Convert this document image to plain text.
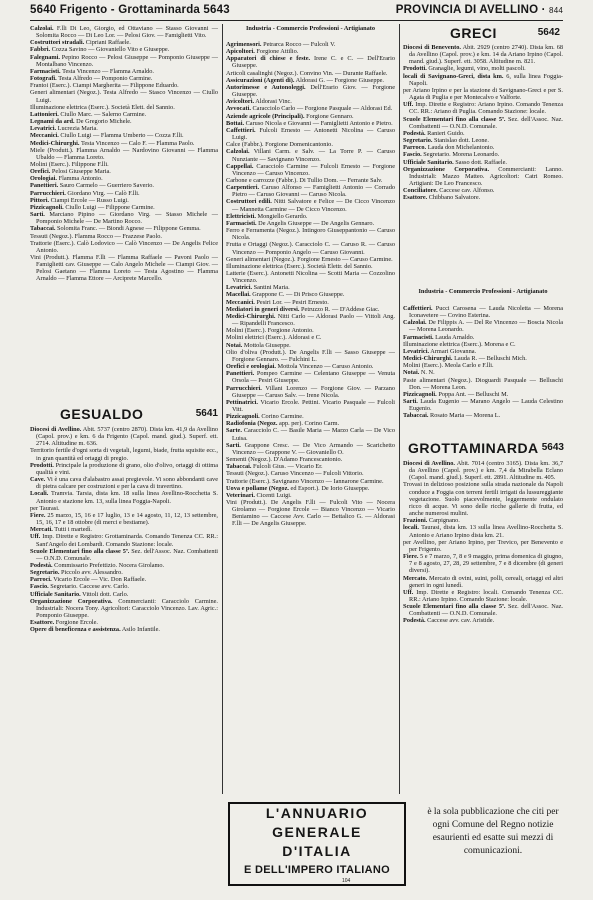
5640 Frigento - Grottaminarda 5643	PROVINCIA DI AVELLINO · 844

Calzolai. F.lli Di Leo, Giorgio, ed Ottaviano — Stasso Giovanni — Solomita Rocco — Di Leo Lor. — Pelosi Giov. — Famiglietti Vito.

Costruttori stradali. Cipriani Raffaele.

Fabbri. Cozza Savino — Giovaniello Vito e Giuseppe.

Falegnami. Pepino Rocco — Pelosi Giuseppe — Pomponio Giuseppe — Montalbano Vincenzo.

Farmacisti. Testa Vincenzo — Flamma Arnaldo.

Fotografi. Testa Alfredo — Pomponio Carmine.

Frantoi (Eserc.). Ciampi Margherita — Filipponе Eduardo.

Generi alimentari (Negoz.). Testa Alfredo — Stasco Vincenzo — Ciullo Luigi.

Illuminazione elettrica (Eserc.). Società Elett. del Sannio.

Lattonieri. Ciullo Marc. — Salerno Carmine.

Legnami da ard. De Gregorio Michele.

Levatrici. Lucrezia Maria.

Meccanici. Ciullo Luigi — Flamma Umberto — Cozza F.lli.

Medici-Chirurghi. Testa Vincenzo — Calo F. — Flamma Paolo.

Miele (Produtt.). Flamma Arnaldo — Nardovino Giovanni — Flamma Ubaldo — Flamma Loreto.

Molini (Eserc.). Filippone F.lli.

Orefici. Pelosi Giuseppe Maria.

Orologiai. Flamma Antonio.

Panettieri. Sauro Carmelo — Guerriero Saverio.

Parrucchieri. Giordano Virg. — Calò F.lli.

Pittori. Ciampi Ercole — Russo Luigi.

Pizzicagnoli. Ciullo Luigi — Filippone Carmine.

Sarti. Marciano Pipino — Giordano Virg. — Stasso Michele — Pomponio Michele — De Martino Rocco.

Tabaccai. Solomita Franc. — Biondi Agnese — Filipponе Gemma.

Tessuti (Negoz.). Flamma Rocco — Frazzese Paolo.

Trattorie (Eserc.). Calò Lodovico — Calò Vincenzo — De Angelis Felice Antonio.

Vini (Produtt.). Flamma F.lli — Flamma Raffaele — Pavoni Paolo — Famiglietti cav. Giuseppe — Calo Angelo Michele — Ciampi Giov. — Pelosi Gaetano — Flamma Loreto — Testa Agostino — Flamma Arnaldo — Flamma Ettore — Arciprete Marcello.

GESUALDO	5641

Diocesi di Avellino. Abit. 5737 (centro 2870). Dista km. 41,9 da Avellino (Capol. prov.) e km. 6 da Frigento (Capol. mand. giud.). Superf. ett. 2714. Altitudine m. 636.

Territorio fertile d'ogni sorta di vegetali, legumi, biade, frutta squisite ecc., in gran quantità ed ortaggi di pregio.

Prodotti. Principale la produzione di grano, olio d'olivo, ortaggi di ottima qualità e vini.

Cave. Vi è una cava d'alabastro assai pregievole. Vi sono abbondanti cave di pietra calcare per costruzioni e per la cava di travertino.

Locali. Tramvia. Tarsia, dista km. 18 sulla linea Avellino-Rocchetta S. Antonio e stazione km. 13, sulla linea Foggia-Napoli.

per Taurasi.

Fiere. 25 marzo, 15, 16 e 17 luglio, 13 e 14 agosto, 11, 12, 13 settembre, 15, 16, 17 e 18 ottobre (di merci e bestiame).

Mercati. Tutti i martedì.

Uff. Imp. Dirette e Registro: Grottaminarda. Comando Tenenza CC. RR.: Sant'Angelo dei Lombardi. Comando Stazione: locale.

Scuole Elementari fino alla classe 5ª. Sez. dell'Assoc. Naz. Combattenti — O.N.D. Comunale.

Podestà. Commissario Prefettizio. Nocera Girolamo.

Segretario. Piccolo avv. Alessandro.

Parroci. Vicario Ercole — Vic. Don Raffaele.

Fascio. Segretario. Caccese avv. Carlo.

Ufficiale Sanitario. Vittoli dott. Carlo.

Organizzazione Corporativa. Commercianti: Caracciolo Carmine. Industriali: Nocera Tony. Agricoltori: Caracciolo Vincenzo. Lav. Agric.: Pomponio Giuseppe.

Esattore. Forgione Ercole.

Opere di beneficenza e assistenza. Asilo Infantile.

Industria - Commercio Professioni - Artigianato

Agrimensori. Petrarca Rocco — Fulcoli V.

Apicoltori. Forgione Attilio.

Apparatori di chiese e feste. Irene C. e C. — Dell'Erario Giuseppe.

Articoli casalinghi (Negoz.). Convino Vin. — Durante Raffaele.

Assicurazioni (Agenti di). Aldorasi G. — Forgione Giuseppe.

Autorimesse e Autonoleggi. Dell'Erario Giov. — Forgione Giuseppe.

Avicoltori. Aldorasi Vinc.

Avvocati. Caracciolo Carlo — Forgione Pasquale — Aldorasi Ed.

Aziende agricole (Principali). Forgione Gennaro.

Bottai. Caruso Nicola e Giovanni — Famiglietti Antonio e Pietro.

Caffettieri. Fulcoli Ernesto — Antonetti Nicolina — Caruso Luigi.

Calce (Fabbr.). Forgione Domenicantonio.

Calzolai. Villani Carm. e Salv. — La Torre P. — Caruso Nunziante — Savignano Vincenzo.

Cappellai. Caracciolo Carmine — Fulcoli Ernesto — Forgione Vincenzo — Caruso Vincenzo.

Carbone e carrozze (Fabbr.). Di Tullio Dom. — Ferrante Salv.

Carpentieri. Caruso Alfonso — Famiglietti Antonio — Corrado Pietro — Caruso Giovanni — Caruso Nicola.

Costruttori edili. Nitti Salvatore e Felice — De Cicco Vincenzo — Mannetta Carmine — De Cicco Vincenzo.

Elettricisti. Mongiello Gerardo.

Farmacisti. De Angelis Giuseppe — De Angelis Gennaro.

Ferro e Ferramenta (Negoz.). Intingoro Giuseppantonio — Caruso Nicola.

Frutta e Ortaggi (Negoz.). Caracciolo C. — Caruso R. — Caruso Vincenzo — Pomponio Angelo — Caruso Giovanni.

Generi alimentari (Negoz.). Forgione Ernesto — Caruso Carmine.

Illuminazione elettrica (Eserc.). Società Elettr. del Sannio.

Latterie (Eserc.). Antonetti Nicolina — Scotti Maria — Cozzolino Vincenzo.

Levatrici. Santini Maria.

Macellai. Grappone C. — Di Prisco Giuseppe.

Meccanici. Pesiri Lor. — Pesiri Ernesto.

Mediatori in generi diversi. Petruzzo R. — D'Addese Giac.

Medici-Chirurghi. Nitti Carlo — Aldorasi Paolo — Vittoli Ang. — Ripandelli Francesco.

Molini (Eserc.). Forgione Antonio.

Molini elettrici (Eserc.). Aldorasi e C.

Notai. Mottola Giuseppe.

Olio d'oliva (Produtt.). De Angelis F.lli — Sasso Giuseppe — Forgione Gennaro. — Fulchini L.

Orefici e orologiai. Mottola Vincenzo — Caruso Antonio.

Panettieri. Pompeo Carmine — Celentano Giuseppe — Venuta Orsola — Pesiri Giuseppe.

Parrucchieri. Villani Lorenzo — Forgione Giov. — Parzano Giuseppe — Caruso Salv. — Irene Nicola.

Pettinatrici. Vicario Ercole. Pettini. Vicario Pasquale — Fulcoli Vitt.

Pizzicagnoli. Corino Carmine.

Radiofonia (Negoz. app. per). Corino Carm.

Sarte. Caracciolo C. — Basile Maria — Marzo Carla — De Vico Luisa.

Sarti. Grappone Cresc. — De Vico Armando — Scarichetto Vincenzo — Grappone V. — Giovaniello O.

Sementi (Negoz.). D'Adamo Francescantonio.

Tabaccai. Fulcoli Gius. — Vicario Er.

Tessuti (Negoz.). Caruso Vincenzo — Fulcoli Vittorio.

Trattorie (Eserc.). Savignano Vincenzo — Iannarone Carmine.

Uova e pollame (Negoz. ed Esport.). De Iorio Giuseppe.

Veterinari. Cicenti Luigi.

Vini (Produtt.). De Angelis F.lli — Fulcoli Vito — Nocera Girolamo — Forgione Ercole — Bianco Vincenzo — Vicario Beniamino — Caccese Avv. Carlo — Bettalico G. — Aldorasi F.lli — De Angelis Giuseppe.

GRECI	5642

Diocesi di Benevento. Abit. 2929 (centro 2740). Dista km. 68 da Avellino (Capol. prov.) e km. 14 da Ariano Irpino (Capol. mand. giud.). Superf. ett. 3058. Altitudine m. 821.

Prodotti. Granaglie, legumi, vino, molti pascoli.

locali di Savignano-Greci, dista km. 6, sulla linea Foggia-Napoli.

per Ariano Irpino e per la stazione di Savignano-Greci e per S. Agata di Puglia e per Montecalvo e Valforte.

Uff. Imp. Dirette e Registro: Ariano Irpino. Comando Tenenza CC. RR.: Ariano di Puglia. Comando Stazione: locale.

Scuole Elementari fino alla classe 5ª. Sez. dell'Assoc. Naz. Combattenti — O.N.D. Comunale.

Podestà. Ranieri Guido.

Segretario. Stanislao dott. Leone.

Parroco. Lauda don Michelantonio.

Fascio. Segretario. Morena Leonardo.

Ufficiale Sanitario. Sasso dott. Raffaele.

Organizzazione Corporativa. Commercianti: Lanno. Industriali: Mazzo Matteo. Agricoltori: Catri Romeo. Artigiani: De Leo Francesco.

Conciliatore. Caccese cav. Alfonso.

Esattore. Chibbano Salvatore.

Industria - Commercio Professioni - Artigianato

Caffettieri. Pucci Carosena — Lauda Nicoletta — Morena Iconavetere — Covino Esterina.

Calzolai. De Filippis A. — Del Re Vincenzo — Boscia Nicola — Morena Leonardo.

Farmacisti. Lauda Arnaldo.

Illuminazione elettrica (Eserc.). Morena e C.

Levatrici. Armari Giovanna.

Medici-Chirurghi. Lauda R. — Belluschi Mich.

Molini (Eserc.). Meola Carlo e F.lli.

Notai. N. N.

Paste alimentari (Negoz.). Dioguardi Pasquale — Belluschi Don. — Morena Leon.

Pizzicagnoli. Poppa Ant. — Belluschi M.

Sarti. Lauda Eugenio — Marano Angelo — Lauda Celestino Eugenio.

Tabaccai. Rosato Maria — Morena L.

GROTTAMINARDA 5643

Diocesi di Avellino. Abit. 7014 (centro 3165). Dista km. 36,7 da Avellino (Capol. prov.) e km. 7,4 da Mirabella Eclano (Capol. mand. giud.). Superf. ett. 2891. Altitudine m. 405.

Trovasi in delizioso posizione sulla strada nazionale da Napoli conduce a Foggia con terreni fertili irrigati da lussureggiante vegetazione. Suolo piacevolmente, leggermente ondulato ricco di acque. Vi sono delle ricche gallerie di frutta, ed anche numerosi mulini.

Frazioni. Carpignano.

locali. Taurasi, dista km. 13 sulla linea Avellino-Rocchetta S. Antonio e Ariano Irpino dista km. 21.

per Avellino, per Ariano Irpino, per Trevico, per Benevento e per Frigento.

Fiere. 5 e 7 marzo, 7, 8 e 9 maggio, prima domenica di giugno, 7 e 8 agosto, 27, 28, 29 settembre, 7 e 8 dicembre (di generi diversi).

Mercato. Mercato di ovini, suini, polli, cereali, ortaggi ed altri generi in ogni lunedì.

Uff. Imp. Dirette e Registro: locali. Comando Tenenza CC. RR.: Ariano Irpino. Comando Stazione: locale.

Scuole Elementari fino alla classe 5ª. Sez. dell'Assoc. Naz. Combattenti — O.N.D. Comunale.

Podestà. Caccese avv. cav. Aristide.

L'ANNUARIO
GENERALE
D'ITALIA
E DELL'IMPERO ITALIANO
104
è la sola pubblicazione che citi per ogni Comune del Regno notizie esaurienti ed esatte sui mezzi di comunicazioni.
